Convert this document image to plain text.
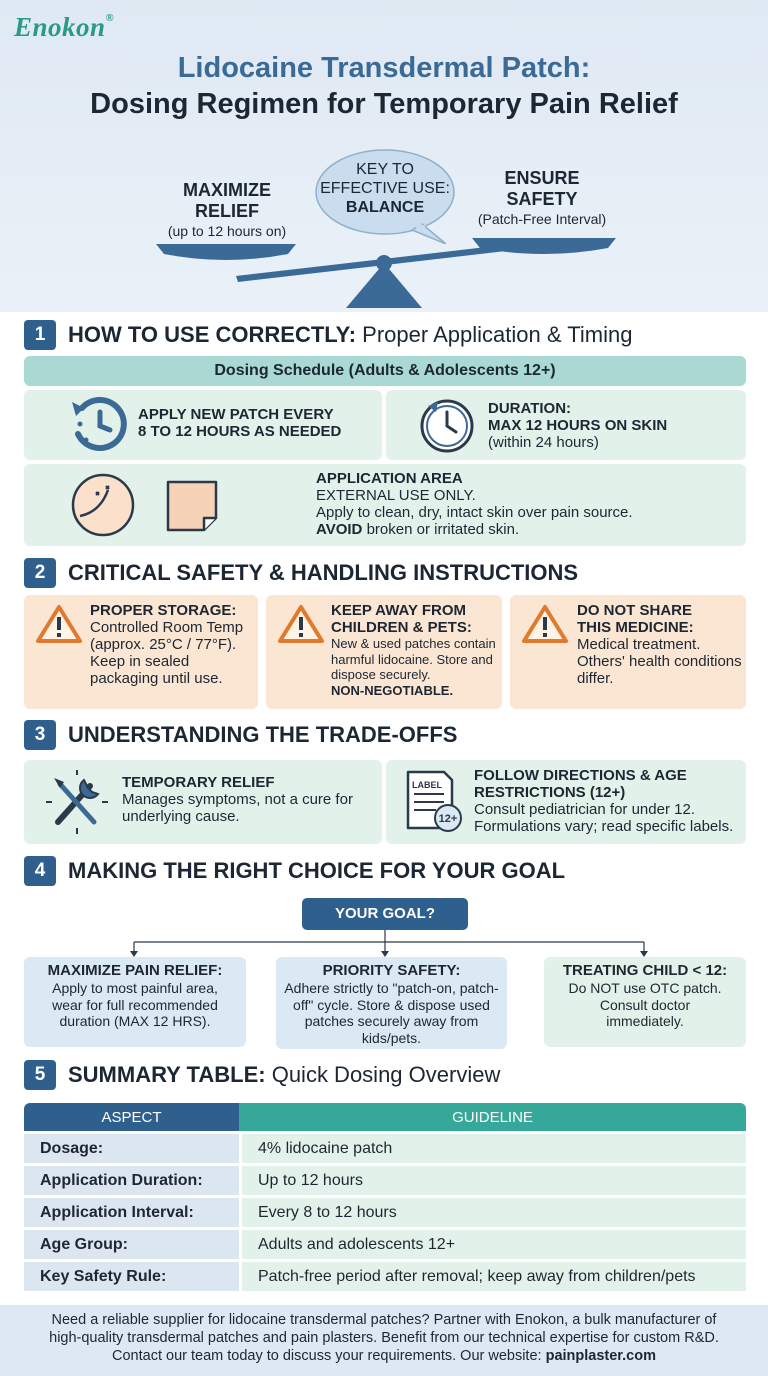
Enokon®
Lidocaine Transdermal Patch:
Dosing Regimen for Temporary Pain Relief
MAXIMIZE
RELIEF
(up to 12 hours on)
KEY TO
EFFECTIVE USE:
BALANCE
ENSURE
SAFETY
(Patch-Free Interval)
1	HOW TO USE CORRECTLY: Proper Application & Timing
Dosing Schedule (Adults & Adolescents 12+)
APPLY NEW PATCH EVERY
8 TO 12 HOURS AS NEEDED
DURATION:
MAX 12 HOURS ON SKIN
(within 24 hours)
APPLICATION AREA
EXTERNAL USE ONLY.
Apply to clean, dry, intact skin over pain source.
AVOID broken or irritated skin.
2	CRITICAL SAFETY & HANDLING INSTRUCTIONS
PROPER STORAGE:
Controlled Room Temp (approx. 25°C / 77°F). Keep in sealed packaging until use.
KEEP AWAY FROM
CHILDREN & PETS:
New & used patches contain harmful lidocaine. Store and dispose securely.
NON-NEGOTIABLE.
DO NOT SHARE
THIS MEDICINE:
Medical treatment. Others' health conditions differ.
3	UNDERSTANDING THE TRADE-OFFS
TEMPORARY RELIEF
Manages symptoms, not a cure for underlying cause.
LABEL
12+
FOLLOW DIRECTIONS & AGE
RESTRICTIONS (12+)
Consult pediatrician for under 12.
Formulations vary; read specific labels.
4	MAKING THE RIGHT CHOICE FOR YOUR GOAL
YOUR GOAL?
MAXIMIZE PAIN RELIEF:
Apply to most painful area, wear for full recommended duration (MAX 12 HRS).
PRIORITY SAFETY:
Adhere strictly to "patch-on, patch-off" cycle. Store & dispose used patches securely away from kids/pets.
TREATING CHILD < 12:
Do NOT use OTC patch. Consult doctor immediately.
5	SUMMARY TABLE: Quick Dosing Overview
ASPECT	GUIDELINE
Dosage:	4% lidocaine patch
Application Duration:	Up to 12 hours
Application Interval:	Every 8 to 12 hours
Age Group:	Adults and adolescents 12+
Key Safety Rule:	Patch-free period after removal; keep away from children/pets
Need a reliable supplier for lidocaine transdermal patches? Partner with Enokon, a bulk manufacturer of
high-quality transdermal patches and pain plasters. Benefit from our technical expertise for custom R&D.
Contact our team today to discuss your requirements. Our website: painplaster.com
